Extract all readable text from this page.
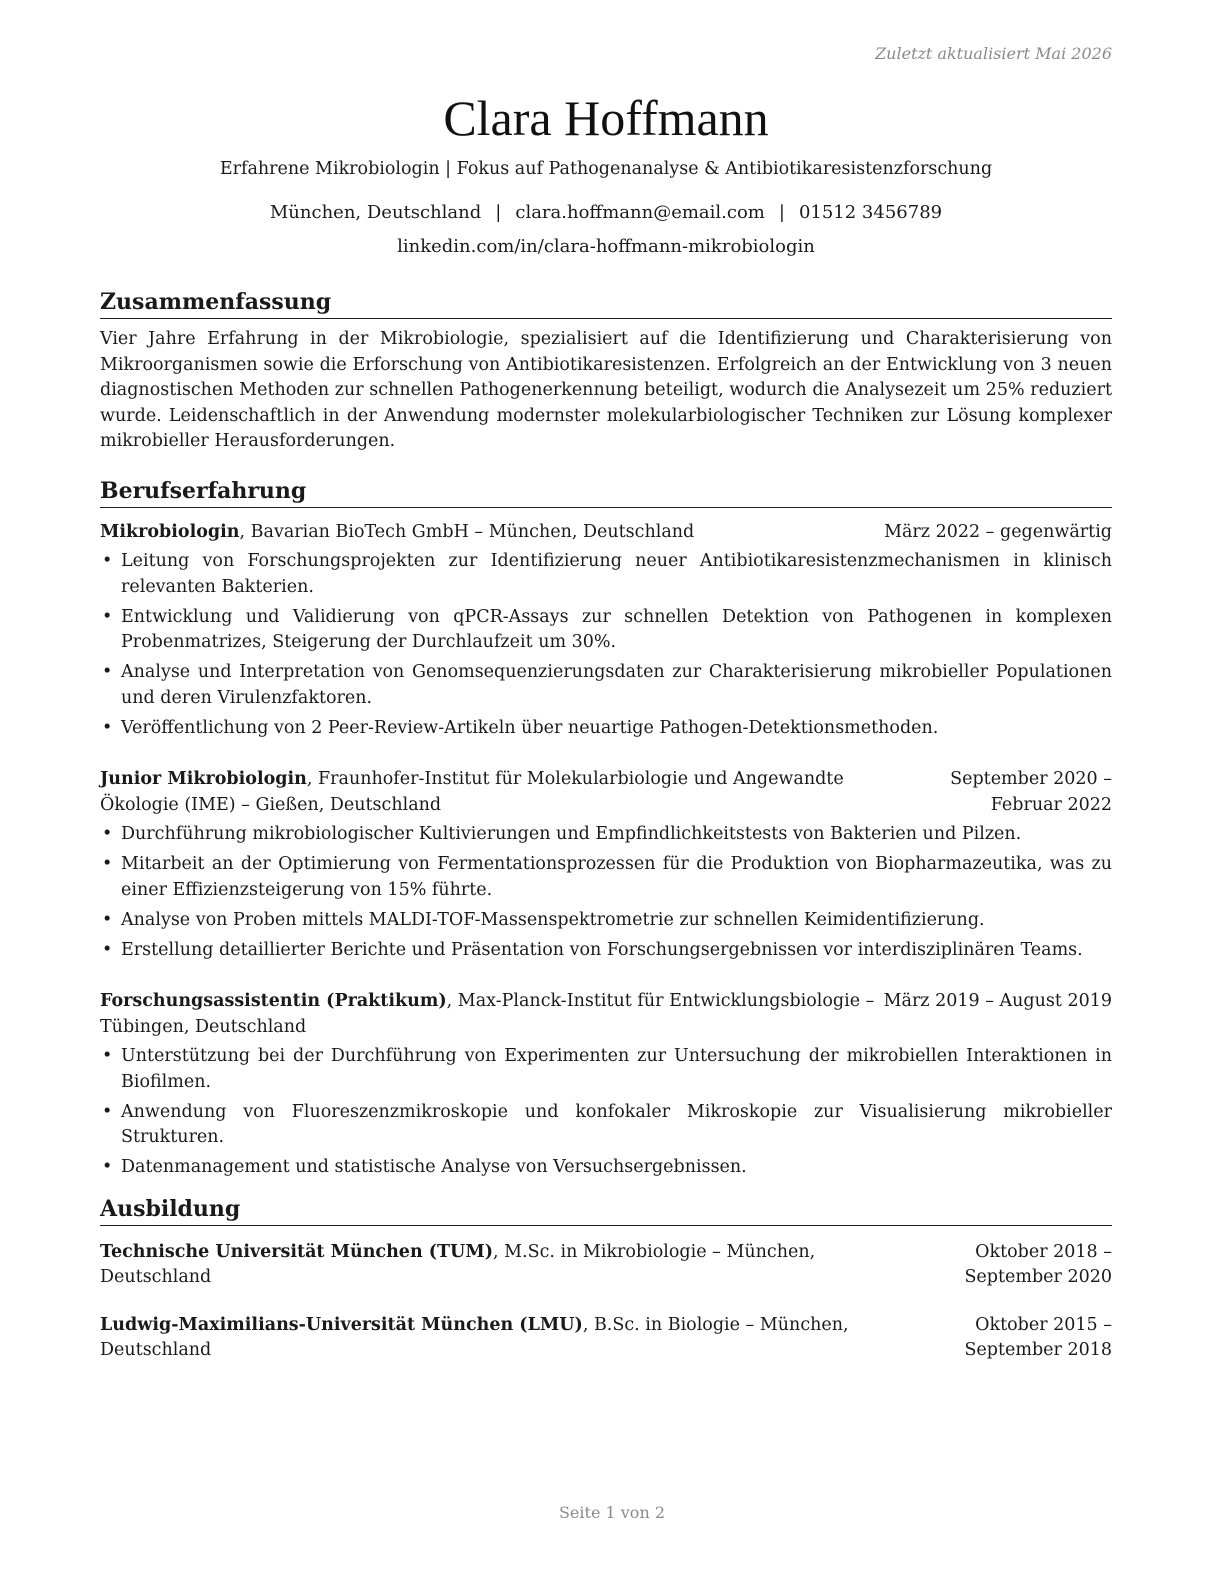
Zuletzt aktualisiert Mai 2026
Clara Hoffmann
Erfahrene Mikrobiologin | Fokus auf Pathogenanalyse & Antibiotikaresistenzforschung
München, Deutschland | clara.hoffmann@email.com | 01512 3456789
linkedin.com/in/clara-hoffmann-mikrobiologin
Zusammenfassung

Vier Jahre Erfahrung in der Mikrobiologie, spezialisiert auf die Identifizierung und Charakterisierung von Mikroorganismen sowie die Erforschung von Antibiotikaresistenzen. Erfolgreich an der Entwicklung von 3 neuen diagnostischen Methoden zur schnellen Pathogenerkennung beteiligt, wodurch die Analysezeit um 25% reduziert wurde. Leidenschaftlich in der Anwendung modernster molekularbiologischer Techniken zur Lösung komplexer mikrobieller Herausforderungen.

Berufserfahrung
Mikrobiologin, Bavarian BioTech GmbH – München, Deutschland	März 2022 – gegenwärtig
• Leitung von Forschungsprojekten zur Identifizierung neuer Antibiotikaresistenzmechanismen in klinisch relevanten Bakterien.
• Entwicklung und Validierung von qPCR-Assays zur schnellen Detektion von Pathogenen in komplexen Probenmatrizes, Steigerung der Durchlaufzeit um 30%.
• Analyse und Interpretation von Genomsequenzierungsdaten zur Charakterisierung mikrobieller Populationen und deren Virulenzfaktoren.
• Veröffentlichung von 2 Peer-Review-Artikeln über neuartige Pathogen-Detektionsmethoden.
Junior Mikrobiologin, Fraunhofer-Institut für Molekularbiologie und Angewandte Ökologie (IME) – Gießen, Deutschland
September 2020 – Februar 2022
• Durchführung mikrobiologischer Kultivierungen und Empfindlichkeitstests von Bakterien und Pilzen.
• Mitarbeit an der Optimierung von Fermentationsprozessen für die Produktion von Biopharmazeutika, was zu einer Effizienzsteigerung von 15% führte.
• Analyse von Proben mittels MALDI-TOF-Massenspektrometrie zur schnellen Keimidentifizierung.
• Erstellung detaillierter Berichte und Präsentation von Forschungsergebnissen vor interdisziplinären Teams.
Forschungsassistentin (Praktikum), Max-Planck-Institut für Entwicklungsbiologie – Tübingen, Deutschland
März 2019 – August 2019
• Unterstützung bei der Durchführung von Experimenten zur Untersuchung der mikrobiellen Interaktionen in Biofilmen.
• Anwendung von Fluoreszenzmikroskopie und konfokaler Mikroskopie zur Visualisierung mikrobieller Strukturen.
• Datenmanagement und statistische Analyse von Versuchsergebnissen.
Ausbildung
Technische Universität München (TUM), M.Sc. in Mikrobiologie – München, Deutschland
Oktober 2018 – September 2020
Ludwig-Maximilians-Universität München (LMU), B.Sc. in Biologie – München, Deutschland
Oktober 2015 – September 2018
Seite 1 von 2
